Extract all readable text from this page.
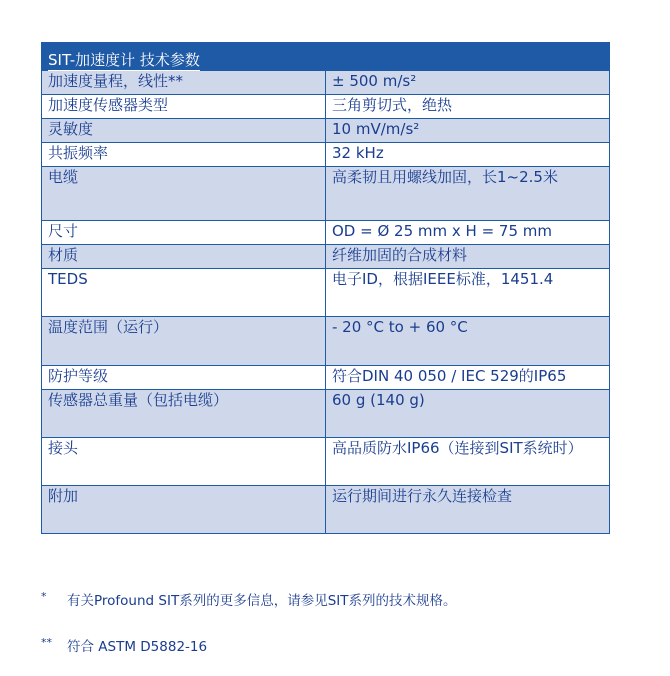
SIT-加速度计 技术参数	
加速度量程，线性**	± 500 m/s²
加速度传感器类型	三角剪切式，绝热
灵敏度	10 mV/m/s²
共振频率	32 kHz
电缆	高柔韧且用螺线加固，长1~2.5米
尺寸	OD = Ø 25 mm x H = 75 mm
材质	纤维加固的合成材料
TEDS	电子ID，根据IEEE标准，1451.4
温度范围（运行）	- 20 °C to + 60 °C
防护等级	符合DIN 40 050 / IEC 529的IP65
传感器总重量（包括电缆）	60 g (140 g)
接头	高品质防水IP66（连接到SIT系统时）
附加	运行期间进行永久连接检查
* 有关Profound SIT系列的更多信息，请参见SIT系列的技术规格。
** 符合 ASTM D5882-16
